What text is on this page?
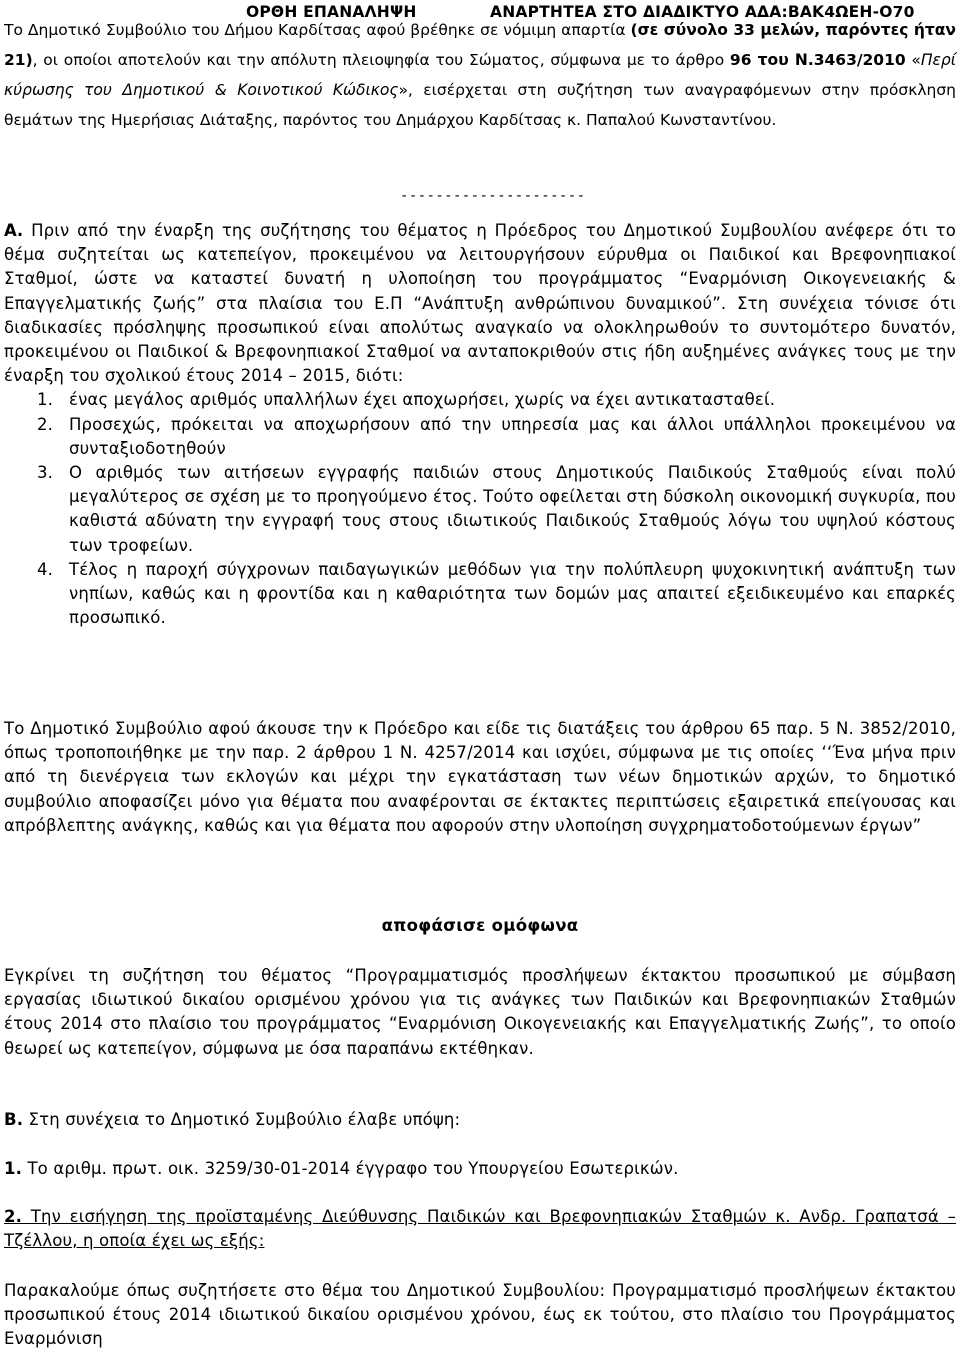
ΟΡΘΗ ΕΠΑΝΑΛΗΨΗ	ΑΝΑΡΤΗΤΕΑ ΣΤΟ ΔΙΑΔΙΚΤΥΟ ΑΔΑ:ΒΑΚ4ΩΕΗ-Ο70

Το Δημοτικό Συμβούλιο του Δήμου Καρδίτσας αφού βρέθηκε σε νόμιμη απαρτία (σε σύνολο 33 μελών, παρόντες ήταν 21), οι οποίοι αποτελούν και την απόλυτη πλειοψηφία του Σώματος, σύμφωνα με το άρθρο 96 του Ν.3463/2010 «Περί κύρωσης του Δημοτικού & Κοινοτικού Κώδικος», εισέρχεται στη συζήτηση των αναγραφόμενων στην πρόσκληση θεμάτων της Ημερήσιας Διάταξης, παρόντος του Δημάρχου Καρδίτσας κ. Παπαλού Κωνσταντίνου.

---------------------

Α. Πριν από την έναρξη της συζήτησης του θέματος η Πρόεδρος του Δημοτικού Συμβουλίου ανέφερε ότι το θέμα συζητείται ως κατεπείγον, προκειμένου να λειτουργήσουν εύρυθμα οι Παιδικοί και Βρεφονηπιακοί Σταθμοί, ώστε να καταστεί δυνατή η υλοποίηση του προγράμματος “Εναρμόνιση Οικογενειακής & Επαγγελματικής ζωής” στα πλαίσια του Ε.Π “Ανάπτυξη ανθρώπινου δυναμικού”. Στη συνέχεια τόνισε ότι διαδικασίες πρόσληψης προσωπικού είναι απολύτως αναγκαίο να ολοκληρωθούν το συντομότερο δυνατόν, προκειμένου οι Παιδικοί & Βρεφονηπιακοί Σταθμοί να ανταποκριθούν στις ήδη αυξημένες ανάγκες τους με την έναρξη του σχολικού έτους 2014 – 2015, διότι:

1. ένας μεγάλος αριθμός υπαλλήλων έχει αποχωρήσει, χωρίς να έχει αντικατασταθεί.
2. Προσεχώς, πρόκειται να αποχωρήσουν από την υπηρεσία μας και άλλοι υπάλληλοι προκειμένου να συνταξιοδοτηθούν
3. Ο αριθμός των αιτήσεων εγγραφής παιδιών στους Δημοτικούς Παιδικούς Σταθμούς είναι πολύ μεγαλύτερος σε σχέση με το προηγούμενο έτος. Τούτο οφείλεται στη δύσκολη οικονομική συγκυρία, που καθιστά αδύνατη την εγγραφή τους στους ιδιωτικούς Παιδικούς Σταθμούς λόγω του υψηλού κόστους των τροφείων.
4. Τέλος η παροχή σύγχρονων παιδαγωγικών μεθόδων για την πολύπλευρη ψυχοκινητική ανάπτυξη των νηπίων, καθώς και η φροντίδα και η καθαριότητα των δομών μας απαιτεί εξειδικευμένο και επαρκές προσωπικό.

Το Δημοτικό Συμβούλιο αφού άκουσε την κ Πρόεδρο και είδε τις διατάξεις του άρθρου 65 παρ. 5 Ν. 3852/2010, όπως τροποποιήθηκε με την παρ. 2 άρθρου 1 Ν. 4257/2014 και ισχύει, σύμφωνα με τις οποίες ‘‘Ένα μήνα πριν από τη διενέργεια των εκλογών και μέχρι την εγκατάσταση των νέων δημοτικών αρχών, το δημοτικό συμβούλιο αποφασίζει μόνο για θέματα που αναφέρονται σε έκτακτες περιπτώσεις εξαιρετικά επείγουσας και απρόβλεπτης ανάγκης, καθώς και για θέματα που αφορούν στην υλοποίηση συγχρηματοδοτούμενων έργων”

αποφάσισε ομόφωνα

Εγκρίνει τη συζήτηση του θέματος “Προγραμματισμός προσλήψεων έκτακτου προσωπικού με σύμβαση εργασίας ιδιωτικού δικαίου ορισμένου χρόνου για τις ανάγκες των Παιδικών και Βρεφονηπιακών Σταθμών έτους 2014 στο πλαίσιο του προγράμματος “Εναρμόνιση Οικογενειακής και Επαγγελματικής Ζωής”, το οποίο θεωρεί ως κατεπείγον, σύμφωνα με όσα παραπάνω εκτέθηκαν.

Β. Στη συνέχεια το Δημοτικό Συμβούλιο έλαβε υπόψη:

1. Το αριθμ. πρωτ. οικ. 3259/30-01-2014 έγγραφο του Υπουργείου Εσωτερικών.

2. Την εισήγηση της προϊσταμένης Διεύθυνσης Παιδικών και Βρεφονηπιακών Σταθμών κ. Ανδρ. Γραπατσά – Τζέλλου, η οποία έχει ως εξής:

Παρακαλούμε όπως συζητήσετε στο θέμα του Δημοτικού Συμβουλίου: Προγραμματισμό προσλήψεων έκτακτου προσωπικού έτους 2014 ιδιωτικού δικαίου ορισμένου χρόνου, έως εκ τούτου, στο πλαίσιο του Προγράμματος Εναρμόνιση
